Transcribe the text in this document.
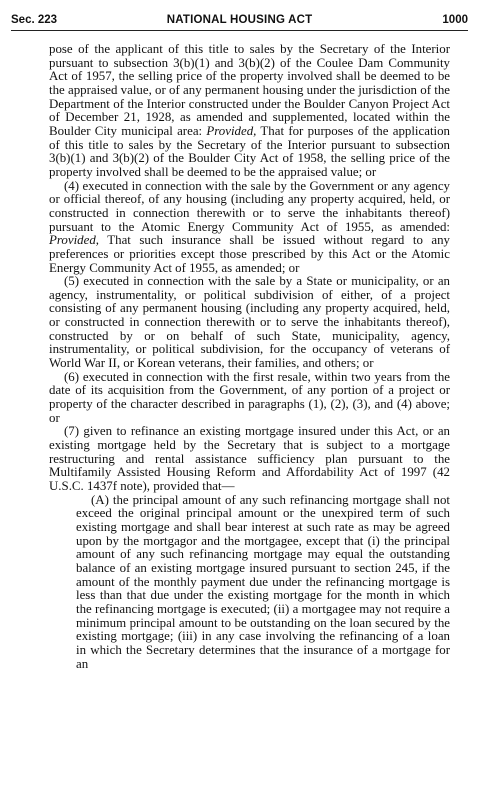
Sec. 223	NATIONAL HOUSING ACT	1000

pose of the applicant of this title to sales by the Secretary of the Interior pursuant to subsection 3(b)(1) and 3(b)(2) of the Coulee Dam Community Act of 1957, the selling price of the property involved shall be deemed to be the appraised value, or of any permanent housing under the jurisdiction of the Department of the Interior constructed under the Boulder Canyon Project Act of December 21, 1928, as amended and supplemented, located within the Boulder City municipal area: Provided, That for purposes of the application of this title to sales by the Secretary of the Interior pursuant to subsection 3(b)(1) and 3(b)(2) of the Boulder City Act of 1958, the selling price of the property involved shall be deemed to be the appraised value; or

(4) executed in connection with the sale by the Government or any agency or official thereof, of any housing (including any property acquired, held, or constructed in connection therewith or to serve the inhabitants thereof) pursuant to the Atomic Energy Community Act of 1955, as amended: Provided, That such insurance shall be issued without regard to any preferences or priorities except those prescribed by this Act or the Atomic Energy Community Act of 1955, as amended; or

(5) executed in connection with the sale by a State or municipality, or an agency, instrumentality, or political subdivision of either, of a project consisting of any permanent housing (including any property acquired, held, or constructed in connection therewith or to serve the inhabitants thereof), constructed by or on behalf of such State, municipality, agency, instrumentality, or political subdivision, for the occupancy of veterans of World War II, or Korean veterans, their families, and others; or

(6) executed in connection with the first resale, within two years from the date of its acquisition from the Government, of any portion of a project or property of the character described in paragraphs (1), (2), (3), and (4) above; or

(7) given to refinance an existing mortgage insured under this Act, or an existing mortgage held by the Secretary that is subject to a mortgage restructuring and rental assistance sufficiency plan pursuant to the Multifamily Assisted Housing Reform and Affordability Act of 1997 (42 U.S.C. 1437f note), provided that—

(A) the principal amount of any such refinancing mortgage shall not exceed the original principal amount or the unexpired term of such existing mortgage and shall bear interest at such rate as may be agreed upon by the mortgagor and the mortgagee, except that (i) the principal amount of any such refinancing mortgage may equal the outstanding balance of an existing mortgage insured pursuant to section 245, if the amount of the monthly payment due under the refinancing mortgage is less than that due under the existing mortgage for the month in which the refinancing mortgage is executed; (ii) a mortgagee may not require a minimum principal amount to be outstanding on the loan secured by the existing mortgage; (iii) in any case involving the refinancing of a loan in which the Secretary determines that the insurance of a mortgage for an
